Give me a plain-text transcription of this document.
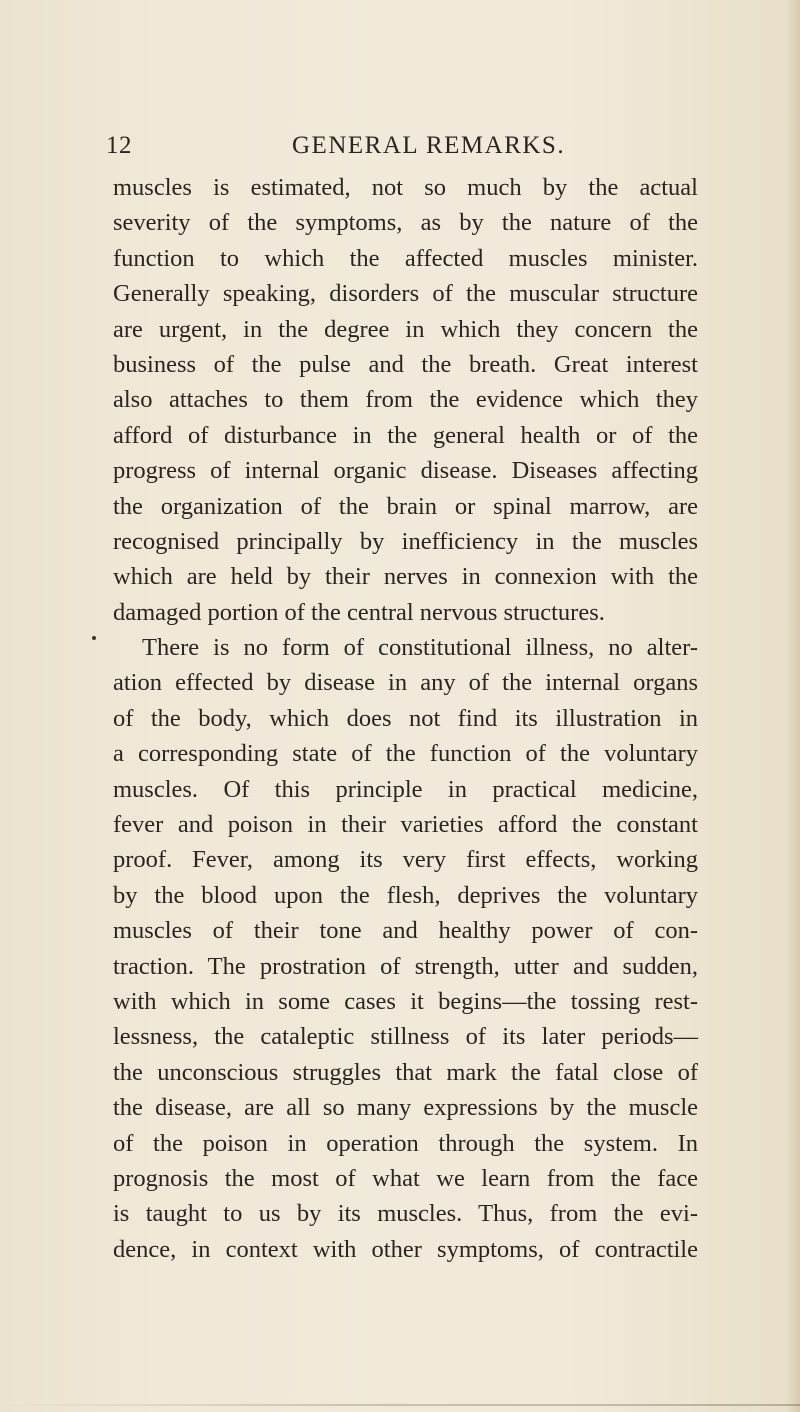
12	GENERAL REMARKS.
muscles is estimated, not so much by the actual
severity of the symptoms, as by the nature of the
function to which the affected muscles minister.
Generally speaking, disorders of the muscular structure
are urgent, in the degree in which they concern the
business of the pulse and the breath. Great interest
also attaches to them from the evidence which they
afford of disturbance in the general health or of the
progress of internal organic disease. Diseases affecting
the organization of the brain or spinal marrow, are
recognised principally by inefficiency in the muscles
which are held by their nerves in connexion with the
damaged portion of the central nervous structures.
There is no form of constitutional illness, no alter-
ation effected by disease in any of the internal organs
of the body, which does not find its illustration in
a corresponding state of the function of the voluntary
muscles. Of this principle in practical medicine,
fever and poison in their varieties afford the constant
proof. Fever, among its very first effects, working
by the blood upon the flesh, deprives the voluntary
muscles of their tone and healthy power of con-
traction. The prostration of strength, utter and sudden,
with which in some cases it begins—the tossing rest-
lessness, the cataleptic stillness of its later periods—
the unconscious struggles that mark the fatal close of
the disease, are all so many expressions by the muscle
of the poison in operation through the system. In
prognosis the most of what we learn from the face
is taught to us by its muscles. Thus, from the evi-
dence, in context with other symptoms, of contractile
